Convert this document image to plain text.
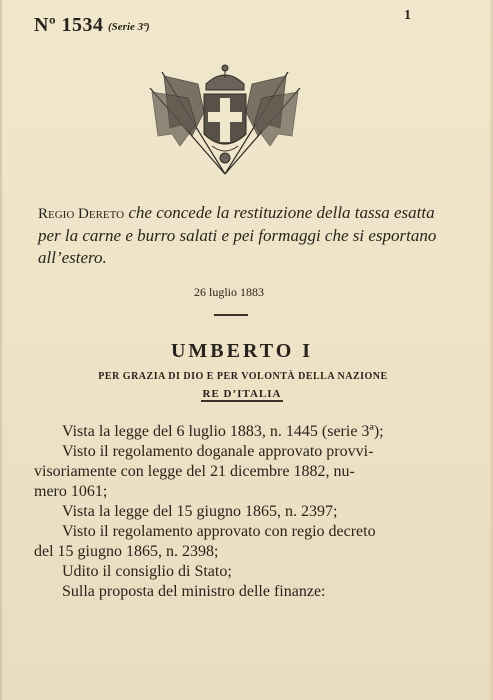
Nº 1534 (Serie 3ª)
1
Regio Dereto che concede la restituzione della tassa esatta per la carne e burro salati e pei formaggi che si esportano all’estero.
26 luglio 1883
UMBERTO I
PER GRAZIA DI DIO E PER VOLONTÀ DELLA NAZIONE
RE D’ITALIA

Vista la legge del 6 luglio 1883, n. 1445 (serie 3ª);

Visto il regolamento doganale approvato provvi-

visoriamente con legge del 21 dicembre 1882, nu-

mero 1061;

Vista la legge del 15 giugno 1865, n. 2397;

Visto il regolamento approvato con regio decreto

del 15 giugno 1865, n. 2398;

Udito il consiglio di Stato;

Sulla proposta del ministro delle finanze:
